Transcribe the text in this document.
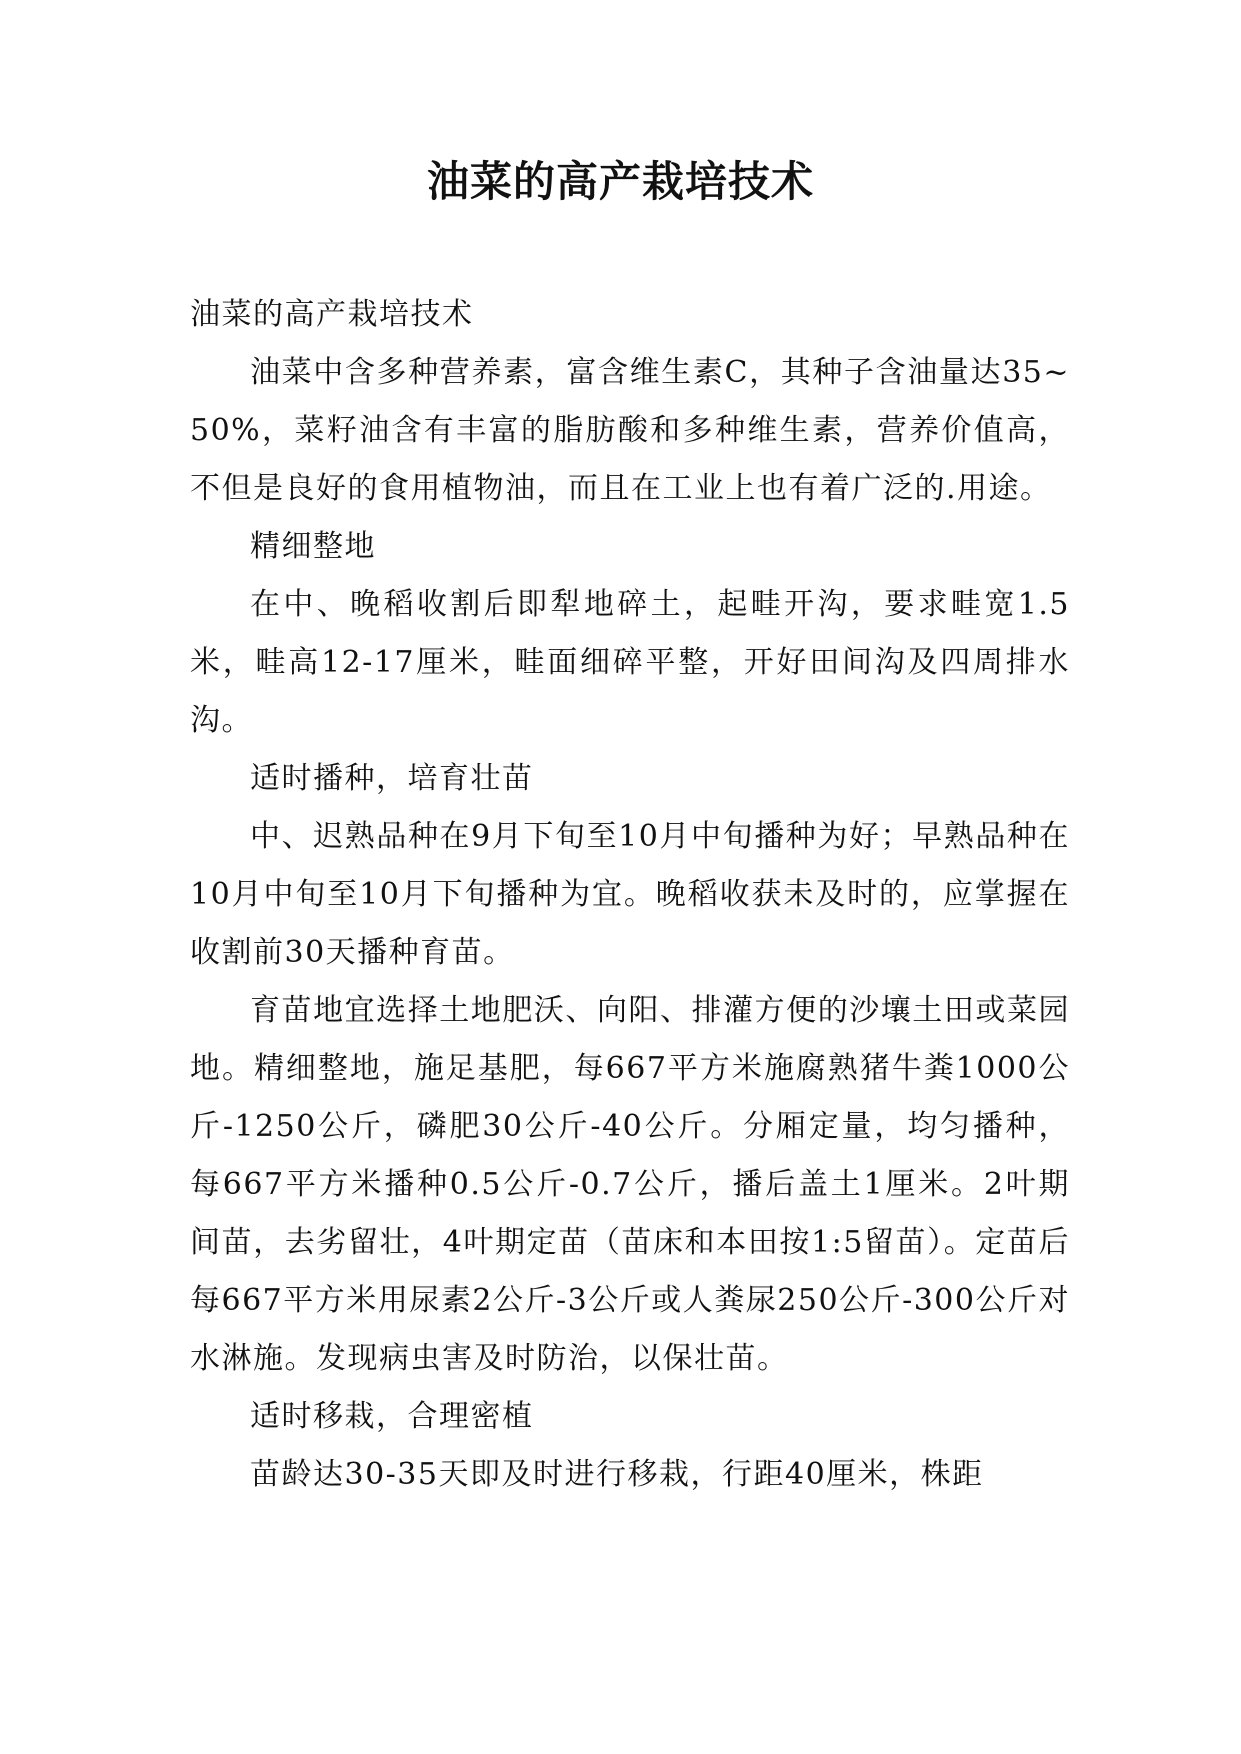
油菜的高产栽培技术

油菜的高产栽培技术

油菜中含多种营养素，富含维生素C，其种子含油量达35~50%，菜籽油含有丰富的脂肪酸和多种维生素，营养价值高，不但是良好的食用植物油，而且在工业上也有着广泛的.用途。

精细整地

在中、晚稻收割后即犁地碎土，起畦开沟，要求畦宽1.5米，畦高12-17厘米，畦面细碎平整，开好田间沟及四周排水沟。

适时播种，培育壮苗

中、迟熟品种在9月下旬至10月中旬播种为好；早熟品种在10月中旬至10月下旬播种为宜。晚稻收获未及时的，应掌握在收割前30天播种育苗。

育苗地宜选择土地肥沃、向阳、排灌方便的沙壤土田或菜园地。精细整地，施足基肥，每667平方米施腐熟猪牛粪1000公斤-1250公斤，磷肥30公斤-40公斤。分厢定量，均匀播种，每667平方米播种0.5公斤-0.7公斤，播后盖土1厘米。2叶期间苗，去劣留壮，4叶期定苗（苗床和本田按1:5留苗）。定苗后每667平方米用尿素2公斤-3公斤或人粪尿250公斤-300公斤对水淋施。发现病虫害及时防治，以保壮苗。

适时移栽，合理密植

苗龄达30-35天即及时进行移栽，行距40厘米，株距
